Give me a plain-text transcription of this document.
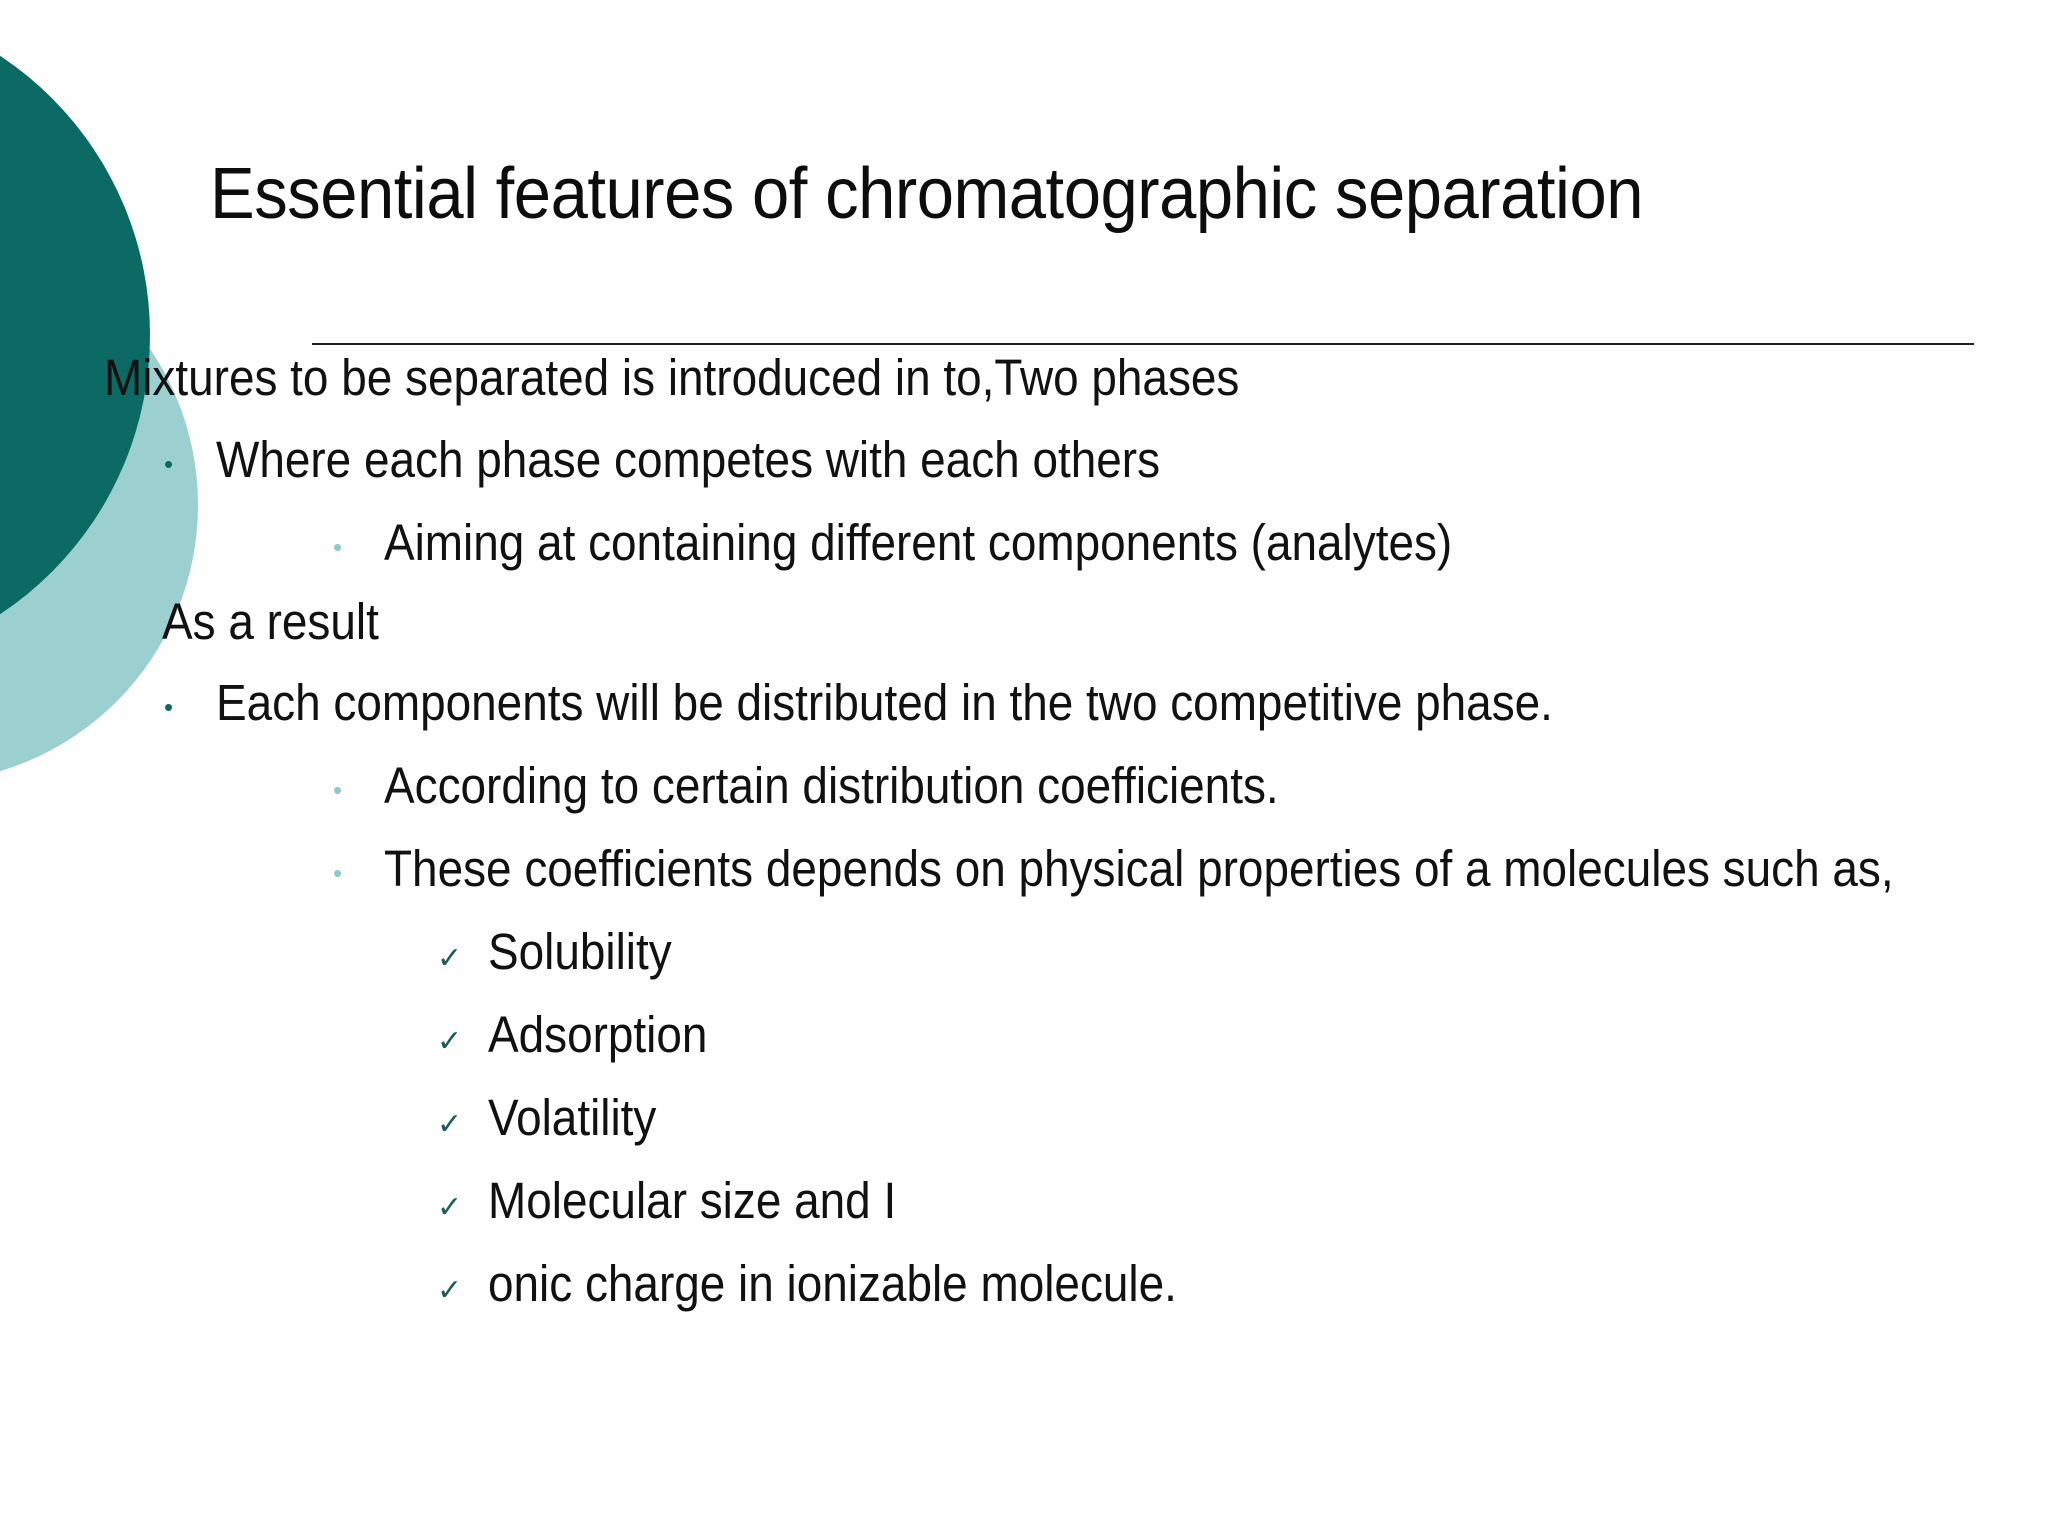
Essential features of chromatographic separation
Mixtures to be separated is introduced in to,Two phases
• Where each phase competes with each others
• Aiming at containing different components (analytes)
As a result
• Each components will be distributed in the two competitive phase.
• According to certain distribution coefficients.
• These coefficients depends on physical properties of a molecules such as,
✓ Solubility
✓ Adsorption
✓ Volatility
✓ Molecular size and I
✓ onic charge in ionizable molecule.
